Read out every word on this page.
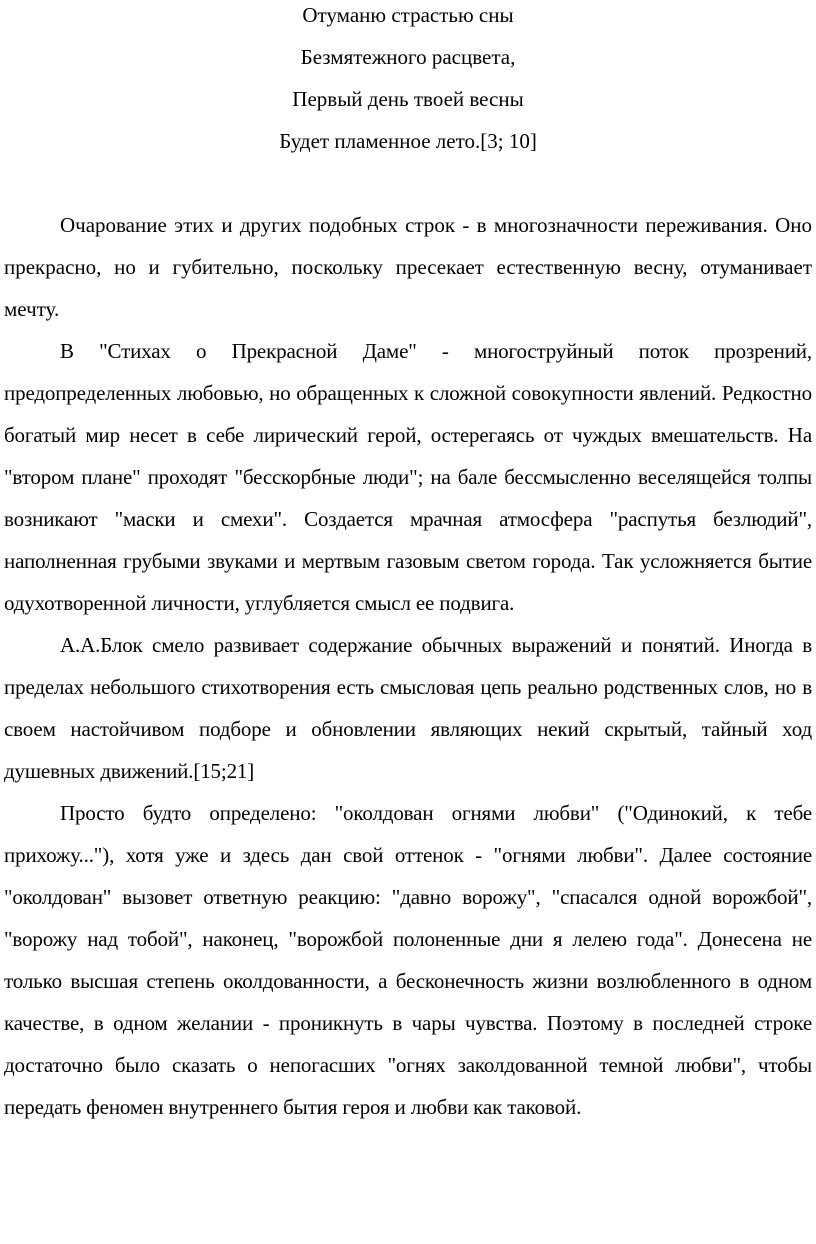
Отуманю страстью сны
Безмятежного расцвета,
Первый день твоей весны
Будет пламенное лето.[3; 10]

Очарование этих и других подобных строк - в многозначности переживания. Оно прекрасно, но и губительно, поскольку пресекает естественную весну, отуманивает мечту.

В "Стихах о Прекрасной Даме" - многоструйный поток прозрений, предопределенных любовью, но обращенных к сложной совокупности явлений. Редкостно богатый мир несет в себе лирический герой, остерегаясь от чуждых вмешательств. На "втором плане" проходят "бесскорбные люди"; на бале бессмысленно веселящейся толпы возникают "маски и смехи". Создается мрачная атмосфера "распутья безлюдий", наполненная грубыми звуками и мертвым газовым светом города. Так усложняется бытие одухотворенной личности, углубляется смысл ее подвига.

А.А.Блок смело развивает содержание обычных выражений и понятий. Иногда в пределах небольшого стихотворения есть смысловая цепь реально родственных слов, но в своем настойчивом подборе и обновлении являющих некий скрытый, тайный ход душевных движений.[15;21]

Просто будто определено: "околдован огнями любви" ("Одинокий, к тебе прихожу..."), хотя уже и здесь дан свой оттенок - "огнями любви". Далее состояние "околдован" вызовет ответную реакцию: "давно ворожу", "спасался одной ворожбой", "ворожу над тобой", наконец, "ворожбой полоненные дни я лелею года". Донесена не только высшая степень околдованности, а бесконечность жизни возлюбленного в одном качестве, в одном желании - проникнуть в чары чувства. Поэтому в последней строке достаточно было сказать о непогасших "огнях заколдованной темной любви", чтобы передать феномен внутреннего бытия героя и любви как таковой.
